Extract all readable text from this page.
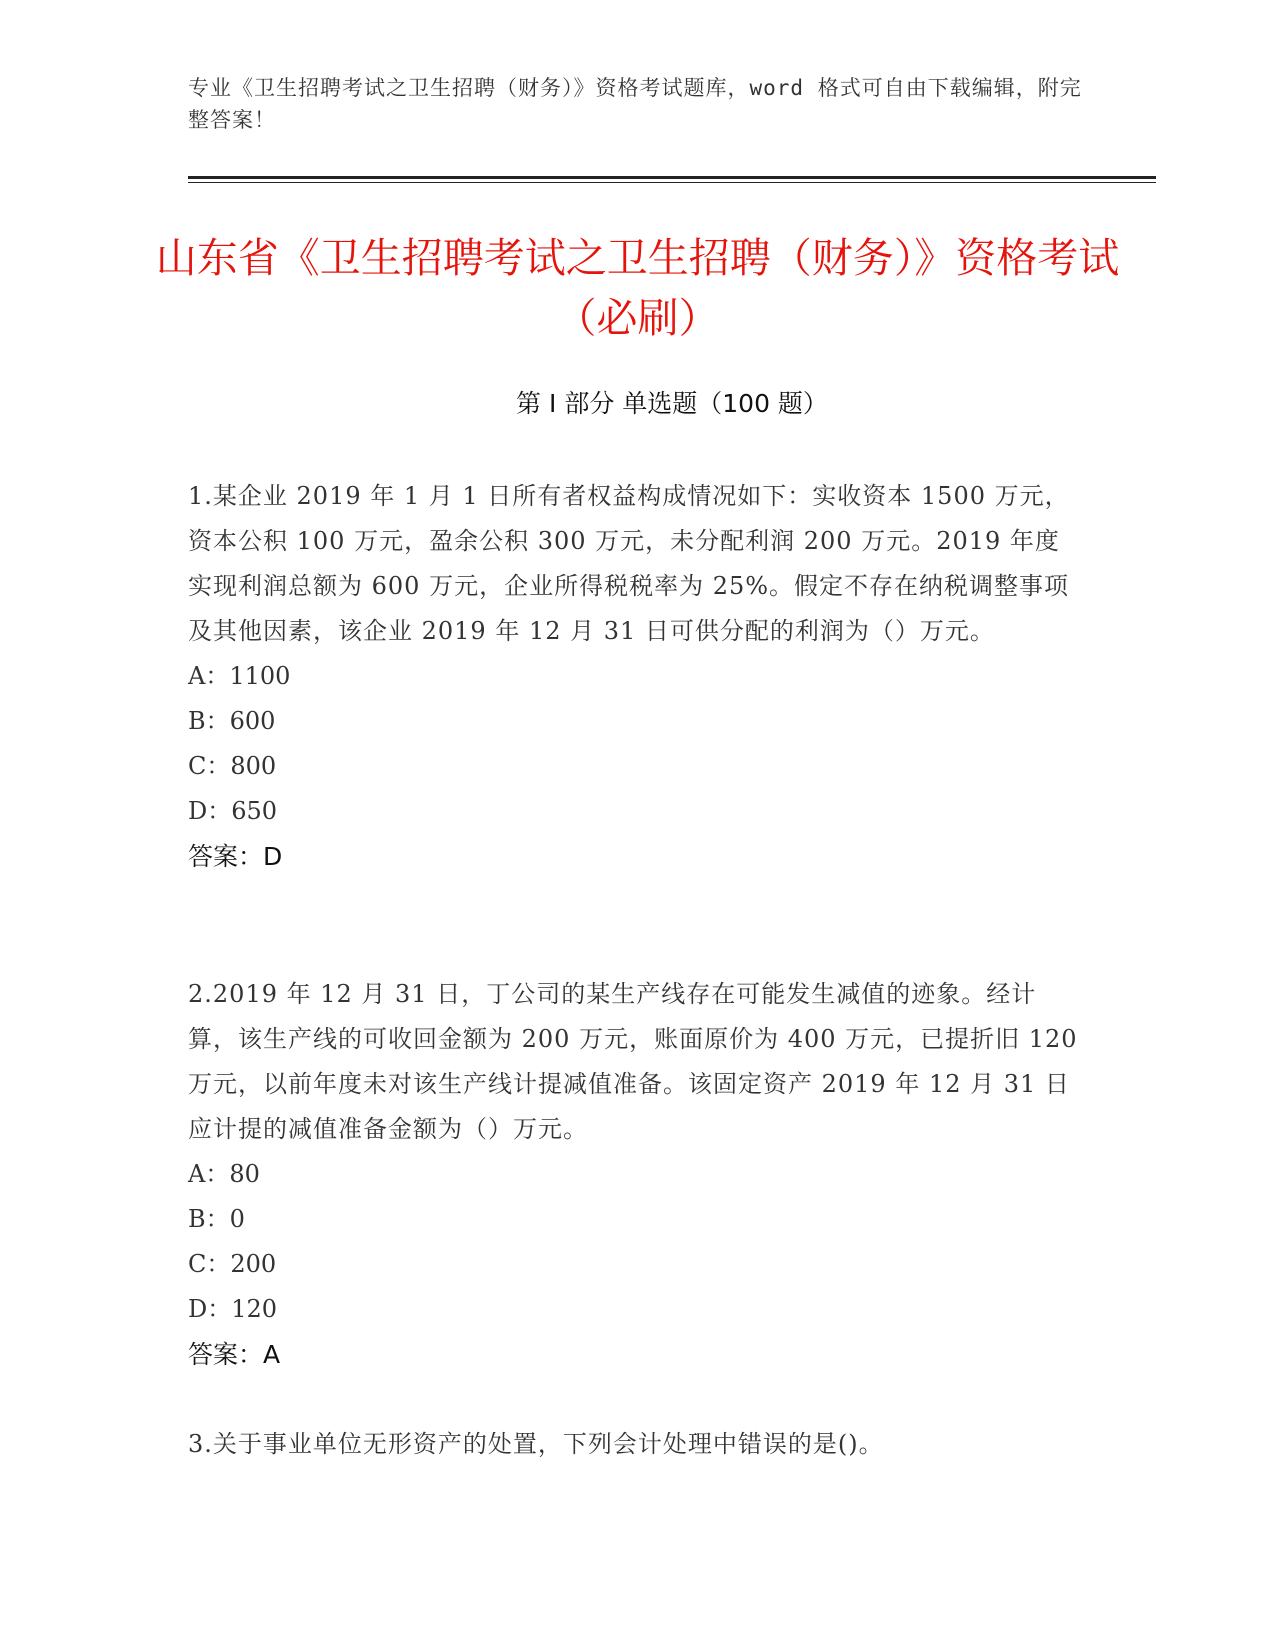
专业《卫生招聘考试之卫生招聘（财务）》资格考试题库，word 格式可自由下载编辑，附完整答案！
山东省《卫生招聘考试之卫生招聘（财务）》资格考试（必刷）
第 I 部分 单选题（100 题）
1.某企业 2019 年 1 月 1 日所有者权益构成情况如下：实收资本 1500 万元，资本公积 100 万元，盈余公积 300 万元，未分配利润 200 万元。2019 年度实现利润总额为 600 万元，企业所得税税率为 25%。假定不存在纳税调整事项及其他因素，该企业 2019 年 12 月 31 日可供分配的利润为（）万元。
A：1100
B：600
C：800
D：650
答案：D
2.2019 年 12 月 31 日，丁公司的某生产线存在可能发生减值的迹象。经计算，该生产线的可收回金额为 200 万元，账面原价为 400 万元，已提折旧 120 万元，以前年度未对该生产线计提减值准备。该固定资产 2019 年 12 月 31 日应计提的减值准备金额为（）万元。
A：80
B：0
C：200
D：120
答案：A
3.关于事业单位无形资产的处置，下列会计处理中错误的是()。
